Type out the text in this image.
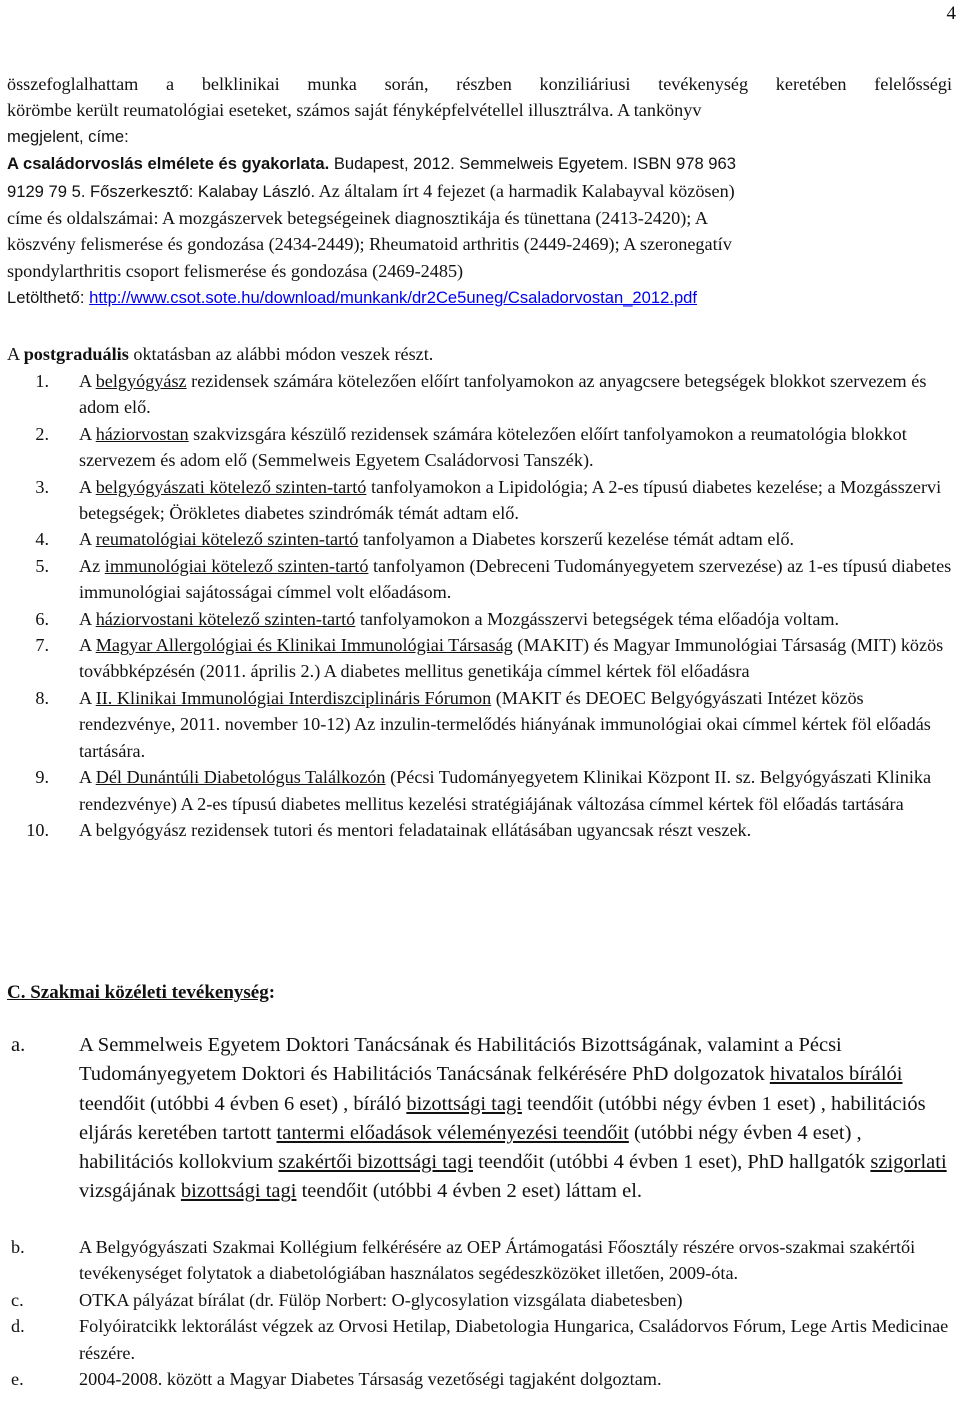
4
összefoglalhattam a belklinikai munka során, részben konziliáriusi tevékenység keretében felelősségi
körömbe került reumatológiai eseteket, számos saját fényképfelvétellel illusztrálva. A tankönyv
megjelent, címe:
A családorvoslás elmélete és gyakorlata. Budapest, 2012. Semmelweis Egyetem. ISBN 978 963
9129 79 5. Főszerkesztő: Kalabay László. Az általam írt 4 fejezet (a harmadik Kalabayval közösen)
címe és oldalszámai: A mozgászervek betegségeinek diagnosztikája és tünettana (2413-2420); A
köszvény felismerése és gondozása (2434-2449); Rheumatoid arthritis (2449-2469); A szeronegatív
spondylarthritis csoport felismerése és gondozása (2469-2485)
Letölthető: http://www.csot.sote.hu/download/munkank/dr2Ce5uneg/Csaladorvostan_2012.pdf
A postgraduális oktatásban az alábbi módon veszek részt.
1. A belgyógyász rezidensek számára kötelezően előírt tanfolyamokon az anyagcsere betegségek blokkot szervezem és adom elő.
2. A háziorvostan szakvizsgára készülő rezidensek számára kötelezően előírt tanfolyamokon a reumatológia blokkot szervezem és adom elő (Semmelweis Egyetem Családorvosi Tanszék).
3. A belgyógyászati kötelező szinten-tartó tanfolyamokon a Lipidológia; A 2-es típusú diabetes kezelése; a Mozgásszervi betegségek; Örökletes diabetes szindrómák témát adtam elő.
4. A reumatológiai kötelező szinten-tartó tanfolyamon a Diabetes korszerű kezelése témát adtam elő.
5. Az immunológiai kötelező szinten-tartó tanfolyamon (Debreceni Tudományegyetem szervezése) az 1-es típusú diabetes immunológiai sajátosságai címmel volt előadásom.
6. A háziorvostani kötelező szinten-tartó tanfolyamokon a Mozgásszervi betegségek téma előadója voltam.
7. A Magyar Allergológiai és Klinikai Immunológiai Társaság (MAKIT) és Magyar Immunológiai Társaság (MIT) közös továbbképzésén (2011. április 2.) A diabetes mellitus genetikája címmel kértek föl előadásra
8. A II. Klinikai Immunológiai Interdiszciplináris Fórumon (MAKIT és DEOEC Belgyógyászati Intézet közös rendezvénye, 2011. november 10-12) Az inzulin-termelődés hiányának immunológiai okai címmel kértek föl előadás tartására.
9. A Dél Dunántúli Diabetológus Találkozón (Pécsi Tudományegyetem Klinikai Központ II. sz. Belgyógyászati Klinika rendezvénye) A 2-es típusú diabetes mellitus kezelési stratégiájának változása címmel kértek föl előadás tartására
10. A belgyógyász rezidensek tutori és mentori feladatainak ellátásában ugyancsak részt veszek.
C. Szakmai közéleti tevékenység:
a.	A Semmelweis Egyetem Doktori Tanácsának és Habilitációs Bizottságának, valamint a Pécsi Tudományegyetem Doktori és Habilitációs Tanácsának felkérésére PhD dolgozatok hivatalos bírálói teendőit (utóbbi 4 évben 6 eset) , bíráló bizottsági tagi teendőit (utóbbi négy évben 1 eset) , habilitációs eljárás keretében tartott tantermi előadások véleményezési teendőit (utóbbi négy évben 4 eset) , habilitációs kollokvium szakértői bizottsági tagi teendőit (utóbbi 4 évben 1 eset), PhD hallgatók szigorlati vizsgájának bizottsági tagi teendőit (utóbbi 4 évben 2 eset) láttam el.
b.	A Belgyógyászati Szakmai Kollégium felkérésére az OEP Ártámogatási Főosztály részére orvos-szakmai szakértői tevékenységet folytatok a diabetológiában használatos segédeszközöket illetően, 2009-óta.
c.	OTKA pályázat bírálat (dr. Fülöp Norbert: O-glycosylation vizsgálata diabetesben)
d.	Folyóiratcikk lektorálást végzek az Orvosi Hetilap, Diabetologia Hungarica, Családorvos Fórum, Lege Artis Medicinae részére.
e.	2004-2008. között a Magyar Diabetes Társaság vezetőségi tagjaként dolgoztam.
